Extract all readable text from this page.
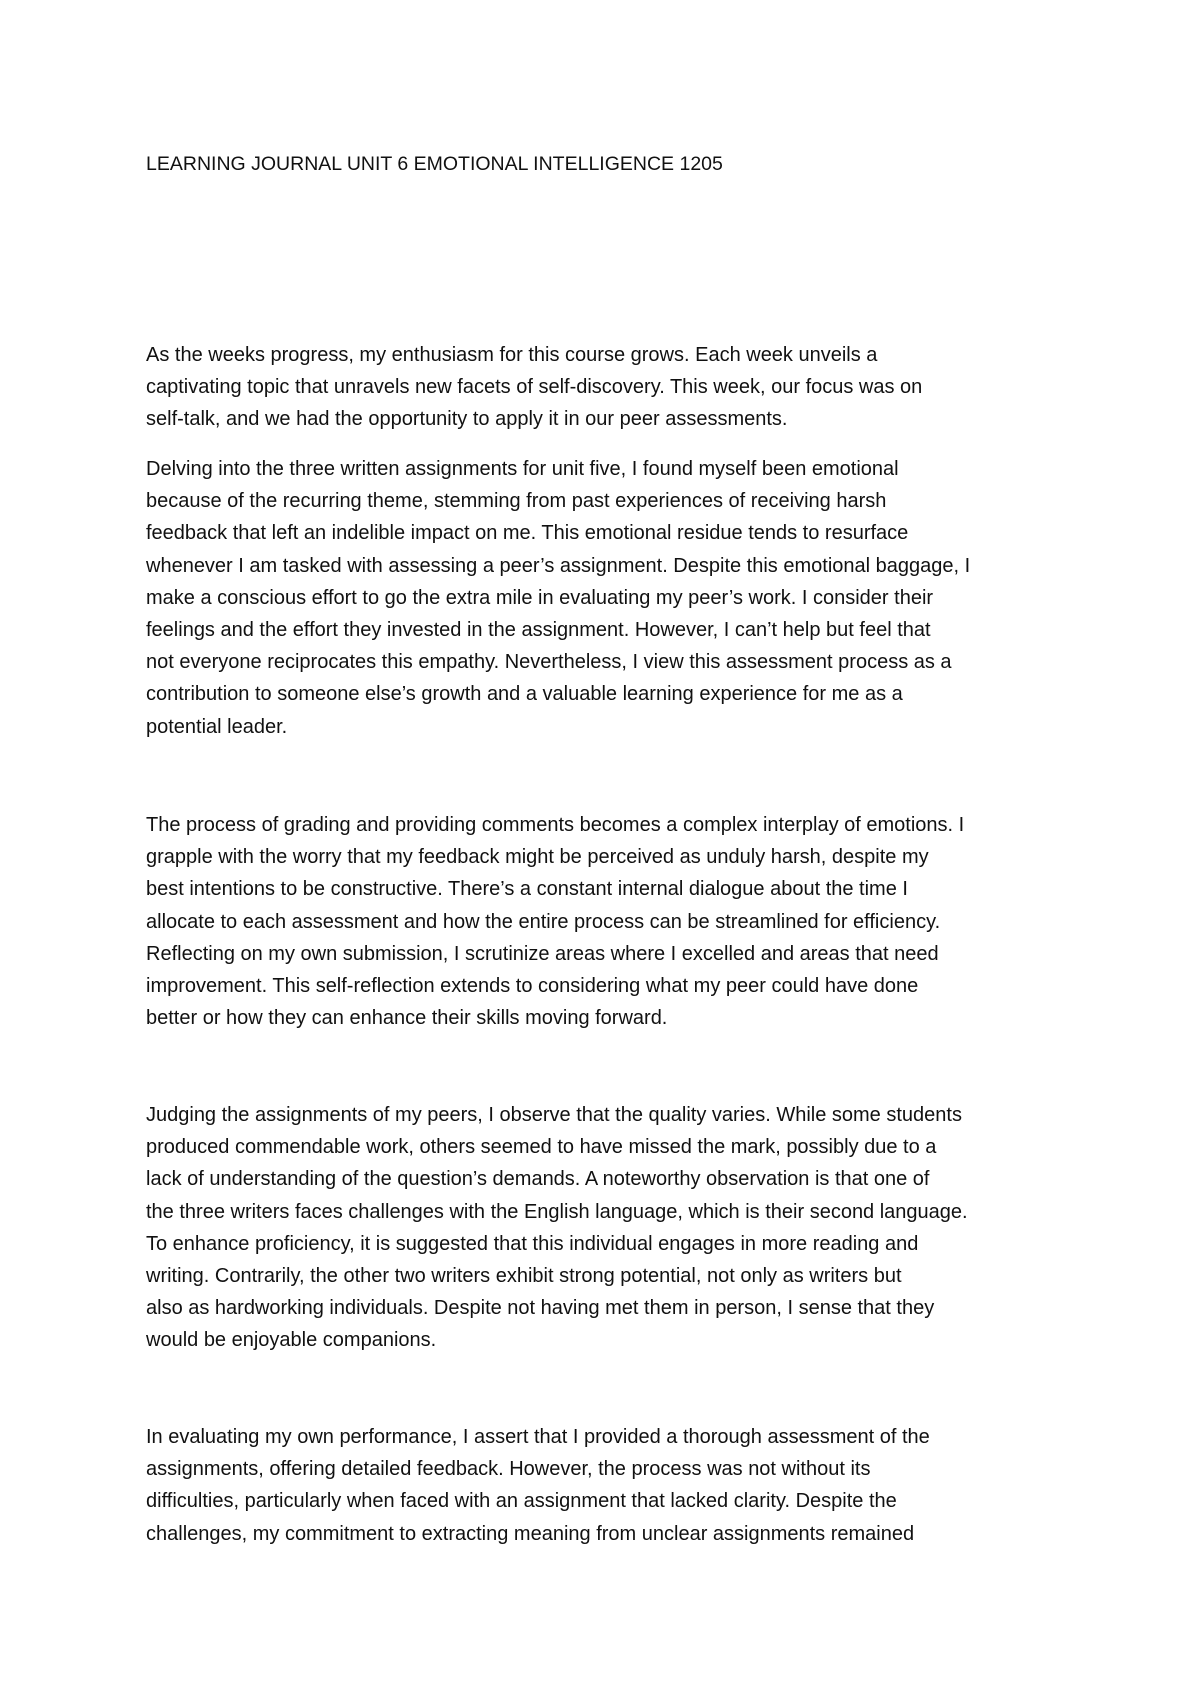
LEARNING JOURNAL UNIT 6 EMOTIONAL INTELLIGENCE 1205

As the weeks progress, my enthusiasm for this course grows. Each week unveils a
captivating topic that unravels new facets of self-discovery. This week, our focus was on
self-talk, and we had the opportunity to apply it in our peer assessments.

Delving into the three written assignments for unit five, I found myself been emotional
because of the recurring theme, stemming from past experiences of receiving harsh
feedback that left an indelible impact on me. This emotional residue tends to resurface
whenever I am tasked with assessing a peer’s assignment. Despite this emotional baggage, I
make a conscious effort to go the extra mile in evaluating my peer’s work. I consider their
feelings and the effort they invested in the assignment. However, I can’t help but feel that
not everyone reciprocates this empathy. Nevertheless, I view this assessment process as a
contribution to someone else’s growth and a valuable learning experience for me as a
potential leader.

The process of grading and providing comments becomes a complex interplay of emotions. I
grapple with the worry that my feedback might be perceived as unduly harsh, despite my
best intentions to be constructive. There’s a constant internal dialogue about the time I
allocate to each assessment and how the entire process can be streamlined for efficiency.
Reflecting on my own submission, I scrutinize areas where I excelled and areas that need
improvement. This self-reflection extends to considering what my peer could have done
better or how they can enhance their skills moving forward.

Judging the assignments of my peers, I observe that the quality varies. While some students
produced commendable work, others seemed to have missed the mark, possibly due to a
lack of understanding of the question’s demands. A noteworthy observation is that one of
the three writers faces challenges with the English language, which is their second language.
To enhance proficiency, it is suggested that this individual engages in more reading and
writing. Contrarily, the other two writers exhibit strong potential, not only as writers but
also as hardworking individuals. Despite not having met them in person, I sense that they
would be enjoyable companions.

In evaluating my own performance, I assert that I provided a thorough assessment of the
assignments, offering detailed feedback. However, the process was not without its
difficulties, particularly when faced with an assignment that lacked clarity. Despite the
challenges, my commitment to extracting meaning from unclear assignments remained
